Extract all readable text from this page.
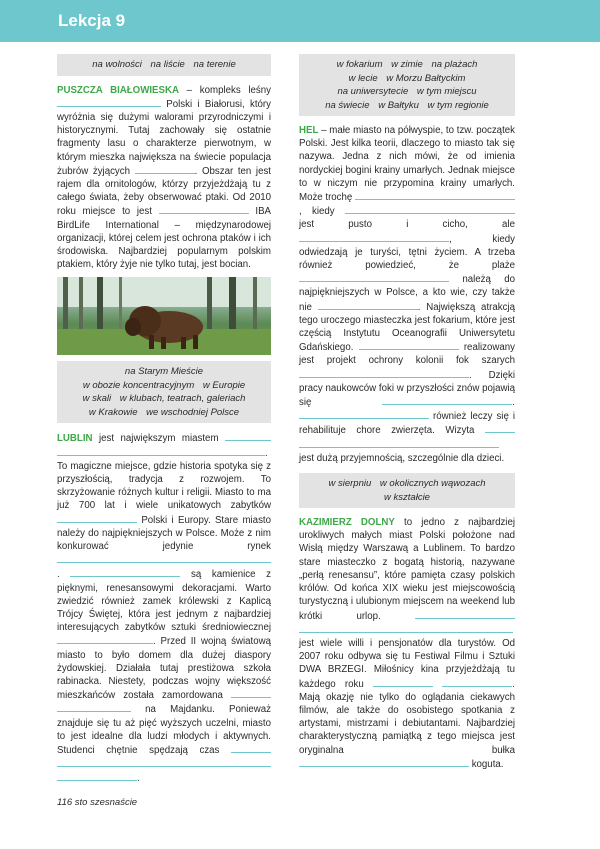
Lekcja 9
na wolności na liście na terenie

PUSZCZA BIAŁOWIESKA – kompleks leśny  Polski i Białorusi, który wyróżnia się dużymi walorami przyrodniczymi i historycznymi. Tutaj zachowały się ostatnie fragmenty lasu o charakterze pierwotnym, w którym mieszka największa na świecie populacja żubrów żyjących	. Obszar ten jest rajem dla ornitologów, którzy przyjeżdżają tu z całego świata, żeby obserwować ptaki. Od 2010 roku miejsce to jest	IBA BirdLife International – międzynarodowej organizacji, której celem jest ochrona ptaków i ich środowiska. Najbardziej popularnym polskim ptakiem, który żyje nie tylko tutaj, jest bocian.

na Starym Mieście
w obozie koncentracyjnym w Europie
w skali w klubach, teatrach, galeriach
w Krakowie we wschodniej Polsce

LUBLIN jest największym miastem  . To magiczne miejsce, gdzie historia spotyka się z przyszłością, tradycja z rozwojem. To skrzyżowanie różnych kultur i religii. Miasto to ma już 700 lat i wiele unikatowych zabytków  Polski i Europy. Stare miasto należy do najpiękniejszych w Polsce. Może z nim konkurować jedynie rynek .	są kamienice z pięknymi, renesansowymi dekoracjami. Warto zwiedzić również zamek królewski z Kaplicą Trójcy Świętej, która jest jednym z najbardziej interesujących zabytków sztuki średniowiecznej . Przed II wojną światową miasto to było domem dla dużej diaspory żydowskiej. Działała tutaj prestiżowa szkoła rabinacka. Niestety, podczas wojny większość mieszkańców została zamordowana   na Majdanku. Ponieważ znajduje się tu aż pięć wyższych uczelni, miasto to jest idealne dla ludzi młodych i aktywnych. Studenci chętnie spędzają czas   .

w fokarium w zimie na plażach
w lecie w Morzu Bałtyckim
na uniwersytecie w tym miejscu
na świecie w Bałtyku w tym regionie

HEL – małe miasto na półwyspie, to tzw. początek Polski. Jest kilka teorii, dlaczego to miasto tak się nazywa. Jedna z nich mówi, że od imienia nordyckiej bogini krainy umarłych. Jednak miejsce to w niczym nie przypomina krainy umarłych. Może trochę , kiedy  jest pusto i cicho, ale , kiedy odwiedzają je turyści, tętni życiem. A trzeba również powiedzieć, że plaże  należą do najpiękniejszych w Polsce, a kto wie, czy także nie	. Największą atrakcją tego uroczego miasteczka jest fokarium, które jest częścią Instytutu Oceanografii Uniwersytetu Gdańskiego.	realizowany jest projekt ochrony kolonii fok szarych . Dzięki pracy naukowców foki w przyszłości znów pojawią się	.  również leczy się i rehabilituje chore zwierzęta. Wizyta   jest dużą przyjemnością, szczególnie dla dzieci.

w sierpniu w okolicznych wąwozach
w kształcie

KAZIMIERZ DOLNY to jedno z najbardziej urokliwych małych miast Polski położone nad Wisłą między Warszawą a Lublinem. To bardzo stare miasteczko z bogatą historią, nazywane „perłą renesansu”, które pamięta czasy polskich królów. Od końca XIX wieku jest miejscowością turystyczną i ulubionym miejscem na weekend lub krótki urlop.   jest wiele willi i pensjonatów dla turystów. Od 2007 roku odbywa się tu Festiwal Filmu i Sztuki DWA BRZEGI. Miłośnicy kina przyjeżdżają tu każdego roku	. Mają okazję nie tylko do oglądania ciekawych filmów, ale także do osobistego spotkania z artystami, mistrzami i debiutantami. Najbardziej charakterystyczną pamiątką z tego miejsca jest oryginalna bułka  koguta.

116 sto szesnaście
